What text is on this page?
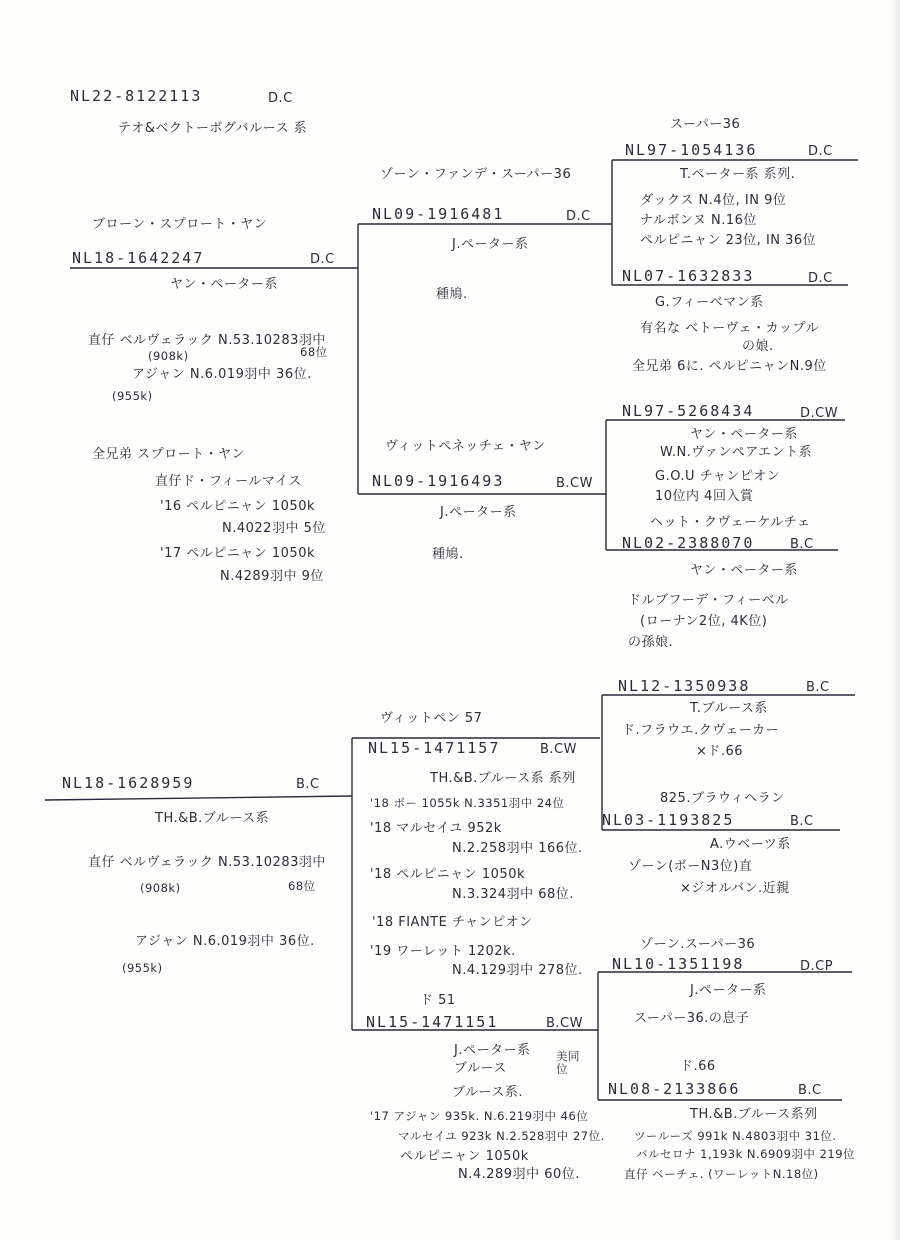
NL22-8122113	D.C
テオ&ベクトーボグバルース 系
ブローン・スプロート・ヤン
NL18-1642247	D.C
ヤン・ペーター系
直仔 ベルヴェラック N.53.10283羽中
(908k)	68位
アジャン N.6.019羽中 36位.
(955k)
全兄弟 スプロート・ヤン
直仔ド・フィールマイス
'16 ペルピニャン 1050k
N.4022羽中 5位
'17 ペルピニャン 1050k
N.4289羽中 9位
ゾーン・ファンデ・スーパー36
NL09-1916481	D.C
J.ペーター系
種鳩.
ヴィットペネッチェ・ヤン
NL09-1916493	B.CW
J.ペーター系
種鳩.
スーパー36
NL97-1054136	D.C
T.ペーター系 系列.
ダックス N.4位, IN 9位
ナルボンヌ N.16位
ペルピニャン 23位, IN 36位
NL07-1632833	D.C
G.フィーベマン系
有名な ベトーヴェ・カップル
の娘.
全兄弟 6に. ペルピニャンN.9位
NL97-5268434	D.CW
ヤン・ペーター系
W.N.ヴァンペアエント系
G.O.U チャンピオン
10位内 4回入賞
ヘット・クヴェーケルチェ
NL02-2388070	B.C
ヤン・ペーター系
ドルブフーデ・フィーベル
(ローナン2位, 4K位)
の孫娘.
NL18-1628959	B.C
TH.&B.ブルース系
直仔 ベルヴェラック N.53.10283羽中
(908k)	68位
アジャン N.6.019羽中 36位.
(955k)
ヴィットペン 57
NL15-1471157	B.CW
TH.&B.ブルース系 系列
'18 ポー 1055k N.3351羽中 24位
'18 マルセイユ 952k
N.2.258羽中 166位.
'18 ペルピニャン 1050k
N.3.324羽中 68位.
'18 FIANTE チャンピオン
'19 ワーレット 1202k.
N.4.129羽中 278位.
ド 51
NL15-1471151	B.CW
J.ペーター系
ブルース
美同
位
ブルース系.
'17 アジャン 935k. N.6.219羽中 46位
マルセイユ 923k N.2.528羽中 27位.
ペルピニャン 1050k
N.4.289羽中 60位.
NL12-1350938	B.C
T.ブルース系
ド.フラウエ.クヴェーカー
×ド.66
825.ブラウィヘラン
NL03-1193825	B.C
A.ウベーツ系
ゾーン(ボーN3位)直
×ジオルバン.近親
ゾーン.スーパー36
NL10-1351198	D.CP
J.ペーター系
スーパー36.の息子
ド.66
NL08-2133866	B.C
TH.&B.ブルース系列
ツールーズ 991k N.4803羽中 31位.
バルセロナ 1,193k N.6909羽中 219位
直仔 ベーチェ. (ワーレットN.18位)
